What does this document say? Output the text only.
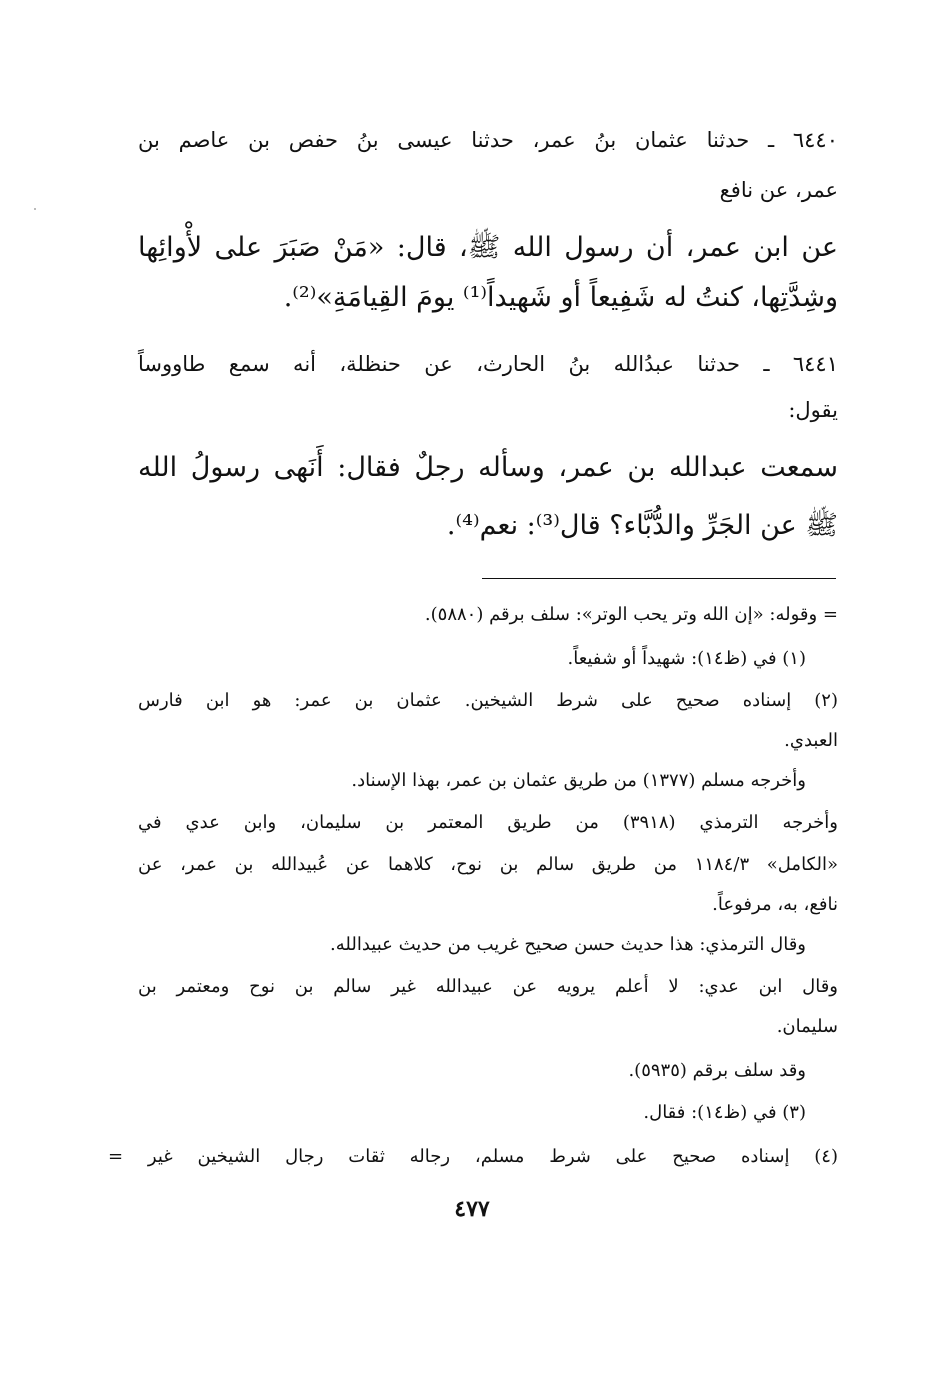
٦٤٤٠ ـ حدثنا عثمان بنُ عمر، حدثنا عيسى بنُ حفص بن عاصم بن
عمر، عن نافع
عن ابن عمر، أن رسول الله ﷺ، قال: «مَنْ صَبَرَ على لأْوائِها
وشِدَّتِها، كنتُ له شَفِيعاً أو شَهيداً⁽¹⁾ يومَ القِيامَةِ»⁽²⁾.
٦٤٤١ ـ حدثنا عبدُالله بنُ الحارث، عن حنظلة، أنه سمع طاووساً
يقول:
سمعت عبدالله بن عمر، وسأله رجلٌ فقال: أَنَهى رسولُ الله
ﷺ عن الجَرِّ والدُّبَّاء؟ قال⁽³⁾: نعم⁽⁴⁾.
= وقوله: «إن الله وتر يحب الوتر»: سلف برقم (٥٨٨٠).
(١) في (ظ١٤): شهيداً أو شفيعاً.
(٢) إسناده صحيح على شرط الشيخين. عثمان بن عمر: هو ابن فارس
العبدي.
وأخرجه مسلم (١٣٧٧) من طريق عثمان بن عمر، بهذا الإسناد.
وأخرجه الترمذي (٣٩١٨) من طريق المعتمر بن سليمان، وابن عدي في
«الكامل» ١١٨٤/٣ من طريق سالم بن نوح، كلاهما عن عُبيدالله بن عمر، عن
نافع، به، مرفوعاً.
وقال الترمذي: هذا حديث حسن صحيح غريب من حديث عبيدالله.
وقال ابن عدي: لا أعلم يرويه عن عبيدالله غير سالم بن نوح ومعتمر بن
سليمان.
وقد سلف برقم (٥٩٣٥).
(٣) في (ظ١٤): فقال.
(٤) إسناده صحيح على شرط مسلم، رجاله ثقات رجال الشيخين غير =
٤٧٧
